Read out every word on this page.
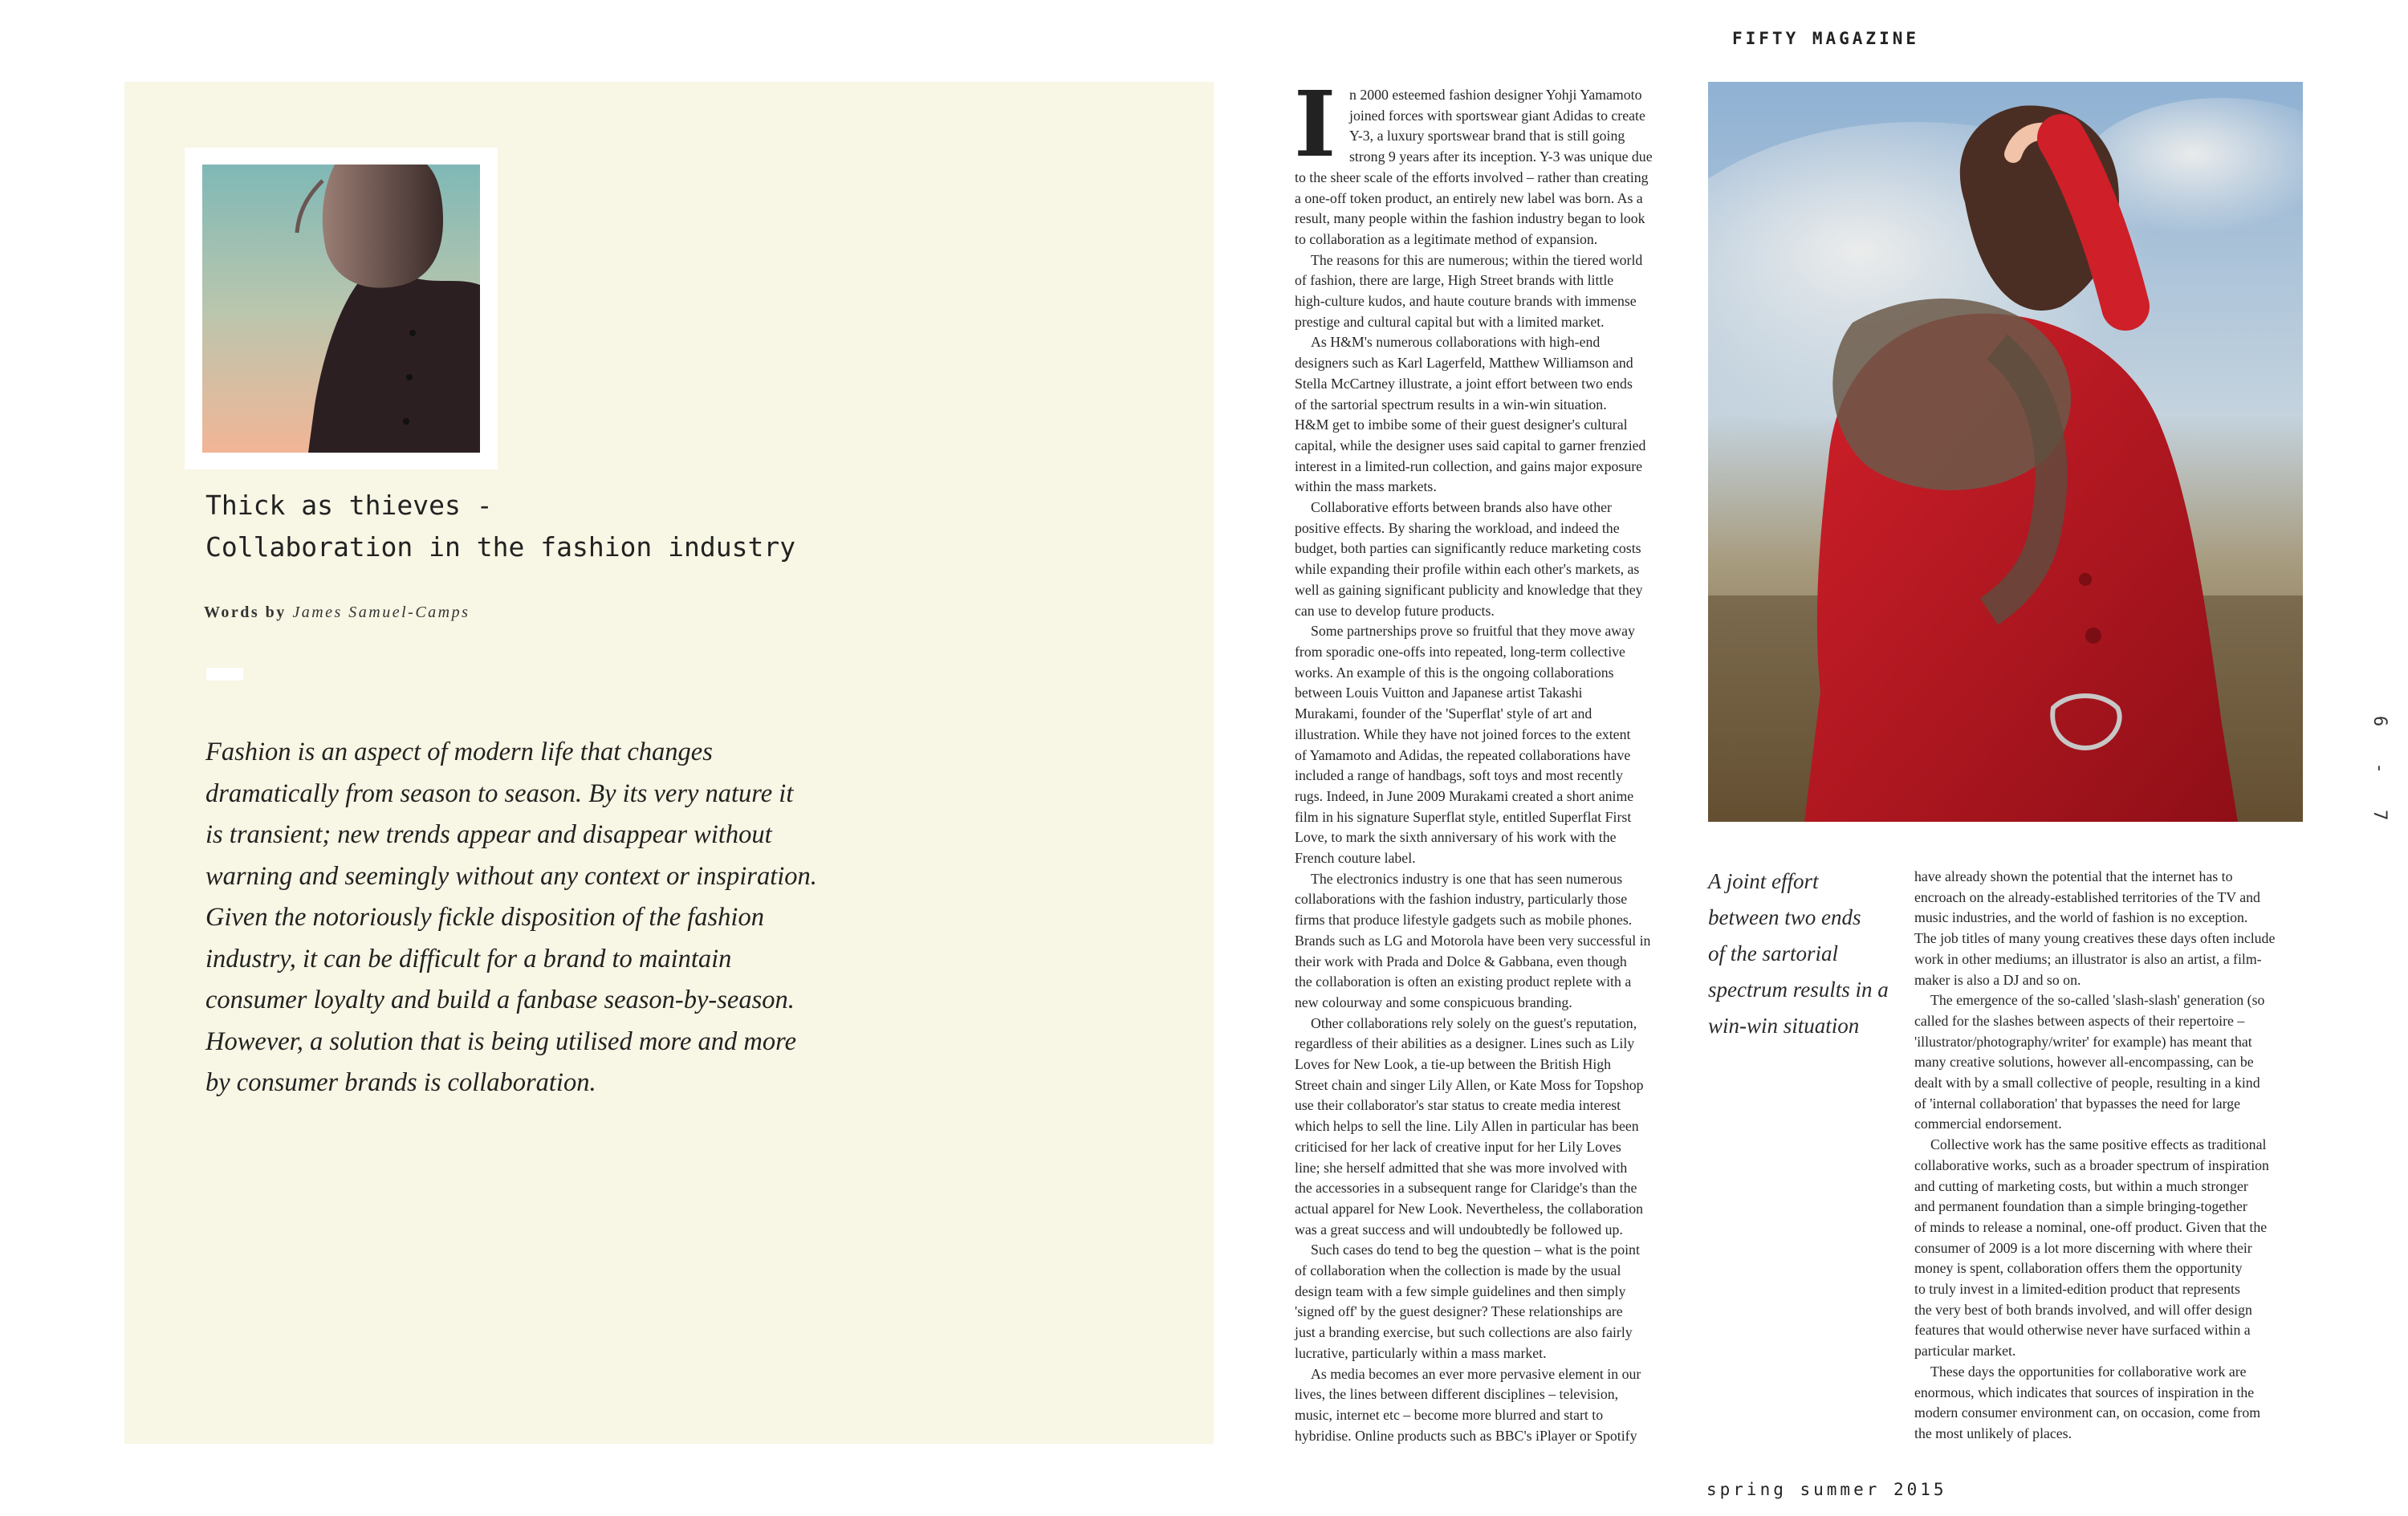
FIFTY MAGAZINE
Thick as thieves -
Collaboration in the fashion industry
Words by James Samuel-Camps
Fashion is an aspect of modern life that changes
dramatically from season to season. By its very nature it
is transient; new trends appear and disappear without
warning and seemingly without any context or inspiration.
Given the notoriously fickle disposition of the fashion
industry, it can be difficult for a brand to maintain
consumer loyalty and build a fanbase season-by-season.
However, a solution that is being utilised more and more
by consumer brands is collaboration.
I n 2000 esteemed fashion designer Yohji Yamamoto
joined forces with sportswear giant Adidas to create
Y-3, a luxury sportswear brand that is still going
strong 9 years after its inception. Y-3 was unique due
to the sheer scale of the efforts involved – rather than creating
a one-off token product, an entirely new label was born. As a
result, many people within the fashion industry began to look
to collaboration as a legitimate method of expansion.
The reasons for this are numerous; within the tiered world
of fashion, there are large, High Street brands with little
high-culture kudos, and haute couture brands with immense
prestige and cultural capital but with a limited market.
As H&M's numerous collaborations with high-end
designers such as Karl Lagerfeld, Matthew Williamson and
Stella McCartney illustrate, a joint effort between two ends
of the sartorial spectrum results in a win-win situation.
H&M get to imbibe some of their guest designer's cultural
capital, while the designer uses said capital to garner frenzied
interest in a limited-run collection, and gains major exposure
within the mass markets.
Collaborative efforts between brands also have other
positive effects. By sharing the workload, and indeed the
budget, both parties can significantly reduce marketing costs
while expanding their profile within each other's markets, as
well as gaining significant publicity and knowledge that they
can use to develop future products.
Some partnerships prove so fruitful that they move away
from sporadic one-offs into repeated, long-term collective
works. An example of this is the ongoing collaborations
between Louis Vuitton and Japanese artist Takashi
Murakami, founder of the 'Superflat' style of art and
illustration. While they have not joined forces to the extent
of Yamamoto and Adidas, the repeated collaborations have
included a range of handbags, soft toys and most recently
rugs. Indeed, in June 2009 Murakami created a short anime
film in his signature Superflat style, entitled Superflat First
Love, to mark the sixth anniversary of his work with the
French couture label.
The electronics industry is one that has seen numerous
collaborations with the fashion industry, particularly those
firms that produce lifestyle gadgets such as mobile phones.
Brands such as LG and Motorola have been very successful in
their work with Prada and Dolce & Gabbana, even though
the collaboration is often an existing product replete with a
new colourway and some conspicuous branding.
Other collaborations rely solely on the guest's reputation,
regardless of their abilities as a designer. Lines such as Lily
Loves for New Look, a tie-up between the British High
Street chain and singer Lily Allen, or Kate Moss for Topshop
use their collaborator's star status to create media interest
which helps to sell the line. Lily Allen in particular has been
criticised for her lack of creative input for her Lily Loves
line; she herself admitted that she was more involved with
the accessories in a subsequent range for Claridge's than the
actual apparel for New Look. Nevertheless, the collaboration
was a great success and will undoubtedly be followed up.
Such cases do tend to beg the question – what is the point
of collaboration when the collection is made by the usual
design team with a few simple guidelines and then simply
'signed off' by the guest designer? These relationships are
just a branding exercise, but such collections are also fairly
lucrative, particularly within a mass market.
As media becomes an ever more pervasive element in our
lives, the lines between different disciplines – television,
music, internet etc – become more blurred and start to
hybridise. Online products such as BBC's iPlayer or Spotify
A joint effort
between two ends
of the sartorial
spectrum results in a
win-win situation
have already shown the potential that the internet has to
encroach on the already-established territories of the TV and
music industries, and the world of fashion is no exception.
The job titles of many young creatives these days often include
work in other mediums; an illustrator is also an artist, a film-
maker is also a DJ and so on.
The emergence of the so-called 'slash-slash' generation (so
called for the slashes between aspects of their repertoire –
'illustrator/photography/writer' for example) has meant that
many creative solutions, however all-encompassing, can be
dealt with by a small collective of people, resulting in a kind
of 'internal collaboration' that bypasses the need for large
commercial endorsement.
Collective work has the same positive effects as traditional
collaborative works, such as a broader spectrum of inspiration
and cutting of marketing costs, but within a much stronger
and permanent foundation than a simple bringing-together
of minds to release a nominal, one-off product. Given that the
consumer of 2009 is a lot more discerning with where their
money is spent, collaboration offers them the opportunity
to truly invest in a limited-edition product that represents
the very best of both brands involved, and will offer design
features that would otherwise never have surfaced within a
particular market.
These days the opportunities for collaborative work are
enormous, which indicates that sources of inspiration in the
modern consumer environment can, on occasion, come from
the most unlikely of places.
6 - 7
spring summer 2015
